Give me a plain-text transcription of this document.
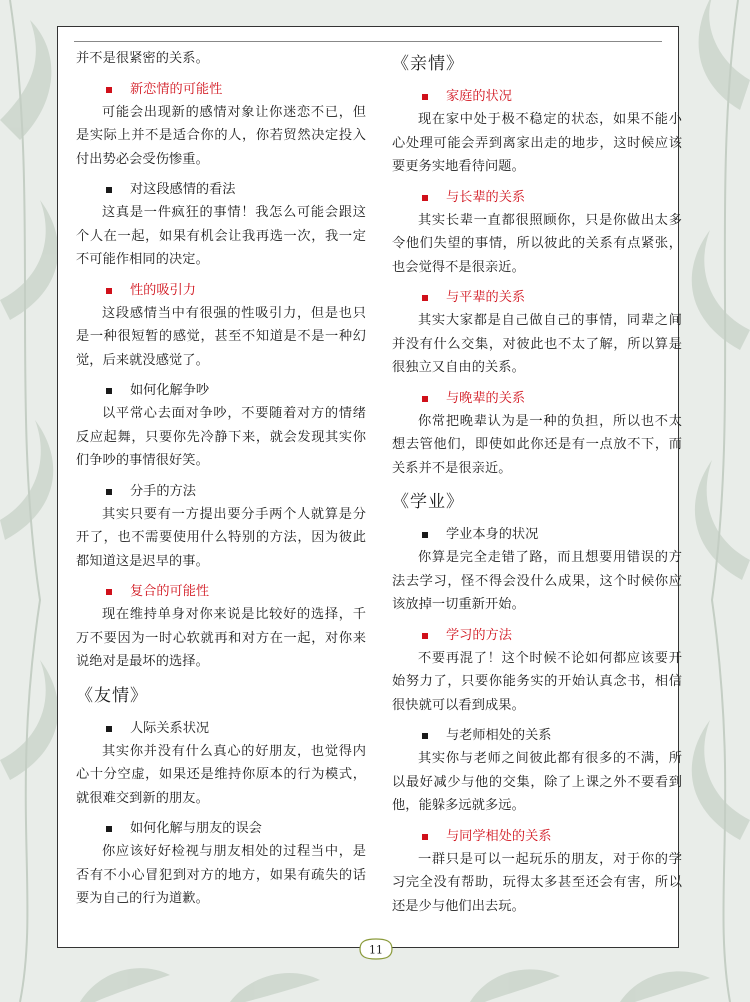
并不是很紧密的关系。

新恋情的可能性

可能会出现新的感情对象让你迷恋不已，但是实际上并不是适合你的人，你若贸然决定投入付出势必会受伤惨重。

对这段感情的看法

这真是一件疯狂的事情！我怎么可能会跟这个人在一起，如果有机会让我再选一次，我一定不可能作相同的决定。

性的吸引力

这段感情当中有很强的性吸引力，但是也只是一种很短暂的感觉，甚至不知道是不是一种幻觉，后来就没感觉了。

如何化解争吵

以平常心去面对争吵，不要随着对方的情绪反应起舞，只要你先冷静下来，就会发现其实你们争吵的事情很好笑。

分手的方法

其实只要有一方提出要分手两个人就算是分开了，也不需要使用什么特别的方法，因为彼此都知道这是迟早的事。

复合的可能性

现在维持单身对你来说是比较好的选择，千万不要因为一时心软就再和对方在一起，对你来说绝对是最坏的选择。

《友情》
人际关系状况

其实你并没有什么真心的好朋友，也觉得内心十分空虚，如果还是维持你原本的行为模式，就很难交到新的朋友。

如何化解与朋友的误会

你应该好好检视与朋友相处的过程当中，是否有不小心冒犯到对方的地方，如果有疏失的话要为自己的行为道歉。

《亲情》
家庭的状况

现在家中处于极不稳定的状态，如果不能小心处理可能会弄到离家出走的地步，这时候应该要更务实地看待问题。

与长辈的关系

其实长辈一直都很照顾你，只是你做出太多令他们失望的事情，所以彼此的关系有点紧张，也会觉得不是很亲近。

与平辈的关系

其实大家都是自己做自己的事情，同辈之间并没有什么交集，对彼此也不太了解，所以算是很独立又自由的关系。

与晚辈的关系

你常把晚辈认为是一种的负担，所以也不太想去管他们，即使如此你还是有一点放不下，而关系并不是很亲近。

《学业》
学业本身的状况

你算是完全走错了路，而且想要用错误的方法去学习，怪不得会没什么成果，这个时候你应该放掉一切重新开始。

学习的方法

不要再混了！这个时候不论如何都应该要开始努力了，只要你能务实的开始认真念书，相信很快就可以看到成果。

与老师相处的关系

其实你与老师之间彼此都有很多的不满，所以最好减少与他的交集，除了上课之外不要看到他，能躲多远就多远。

与同学相处的关系

一群只是可以一起玩乐的朋友，对于你的学习完全没有帮助，玩得太多甚至还会有害，所以还是少与他们出去玩。

11
